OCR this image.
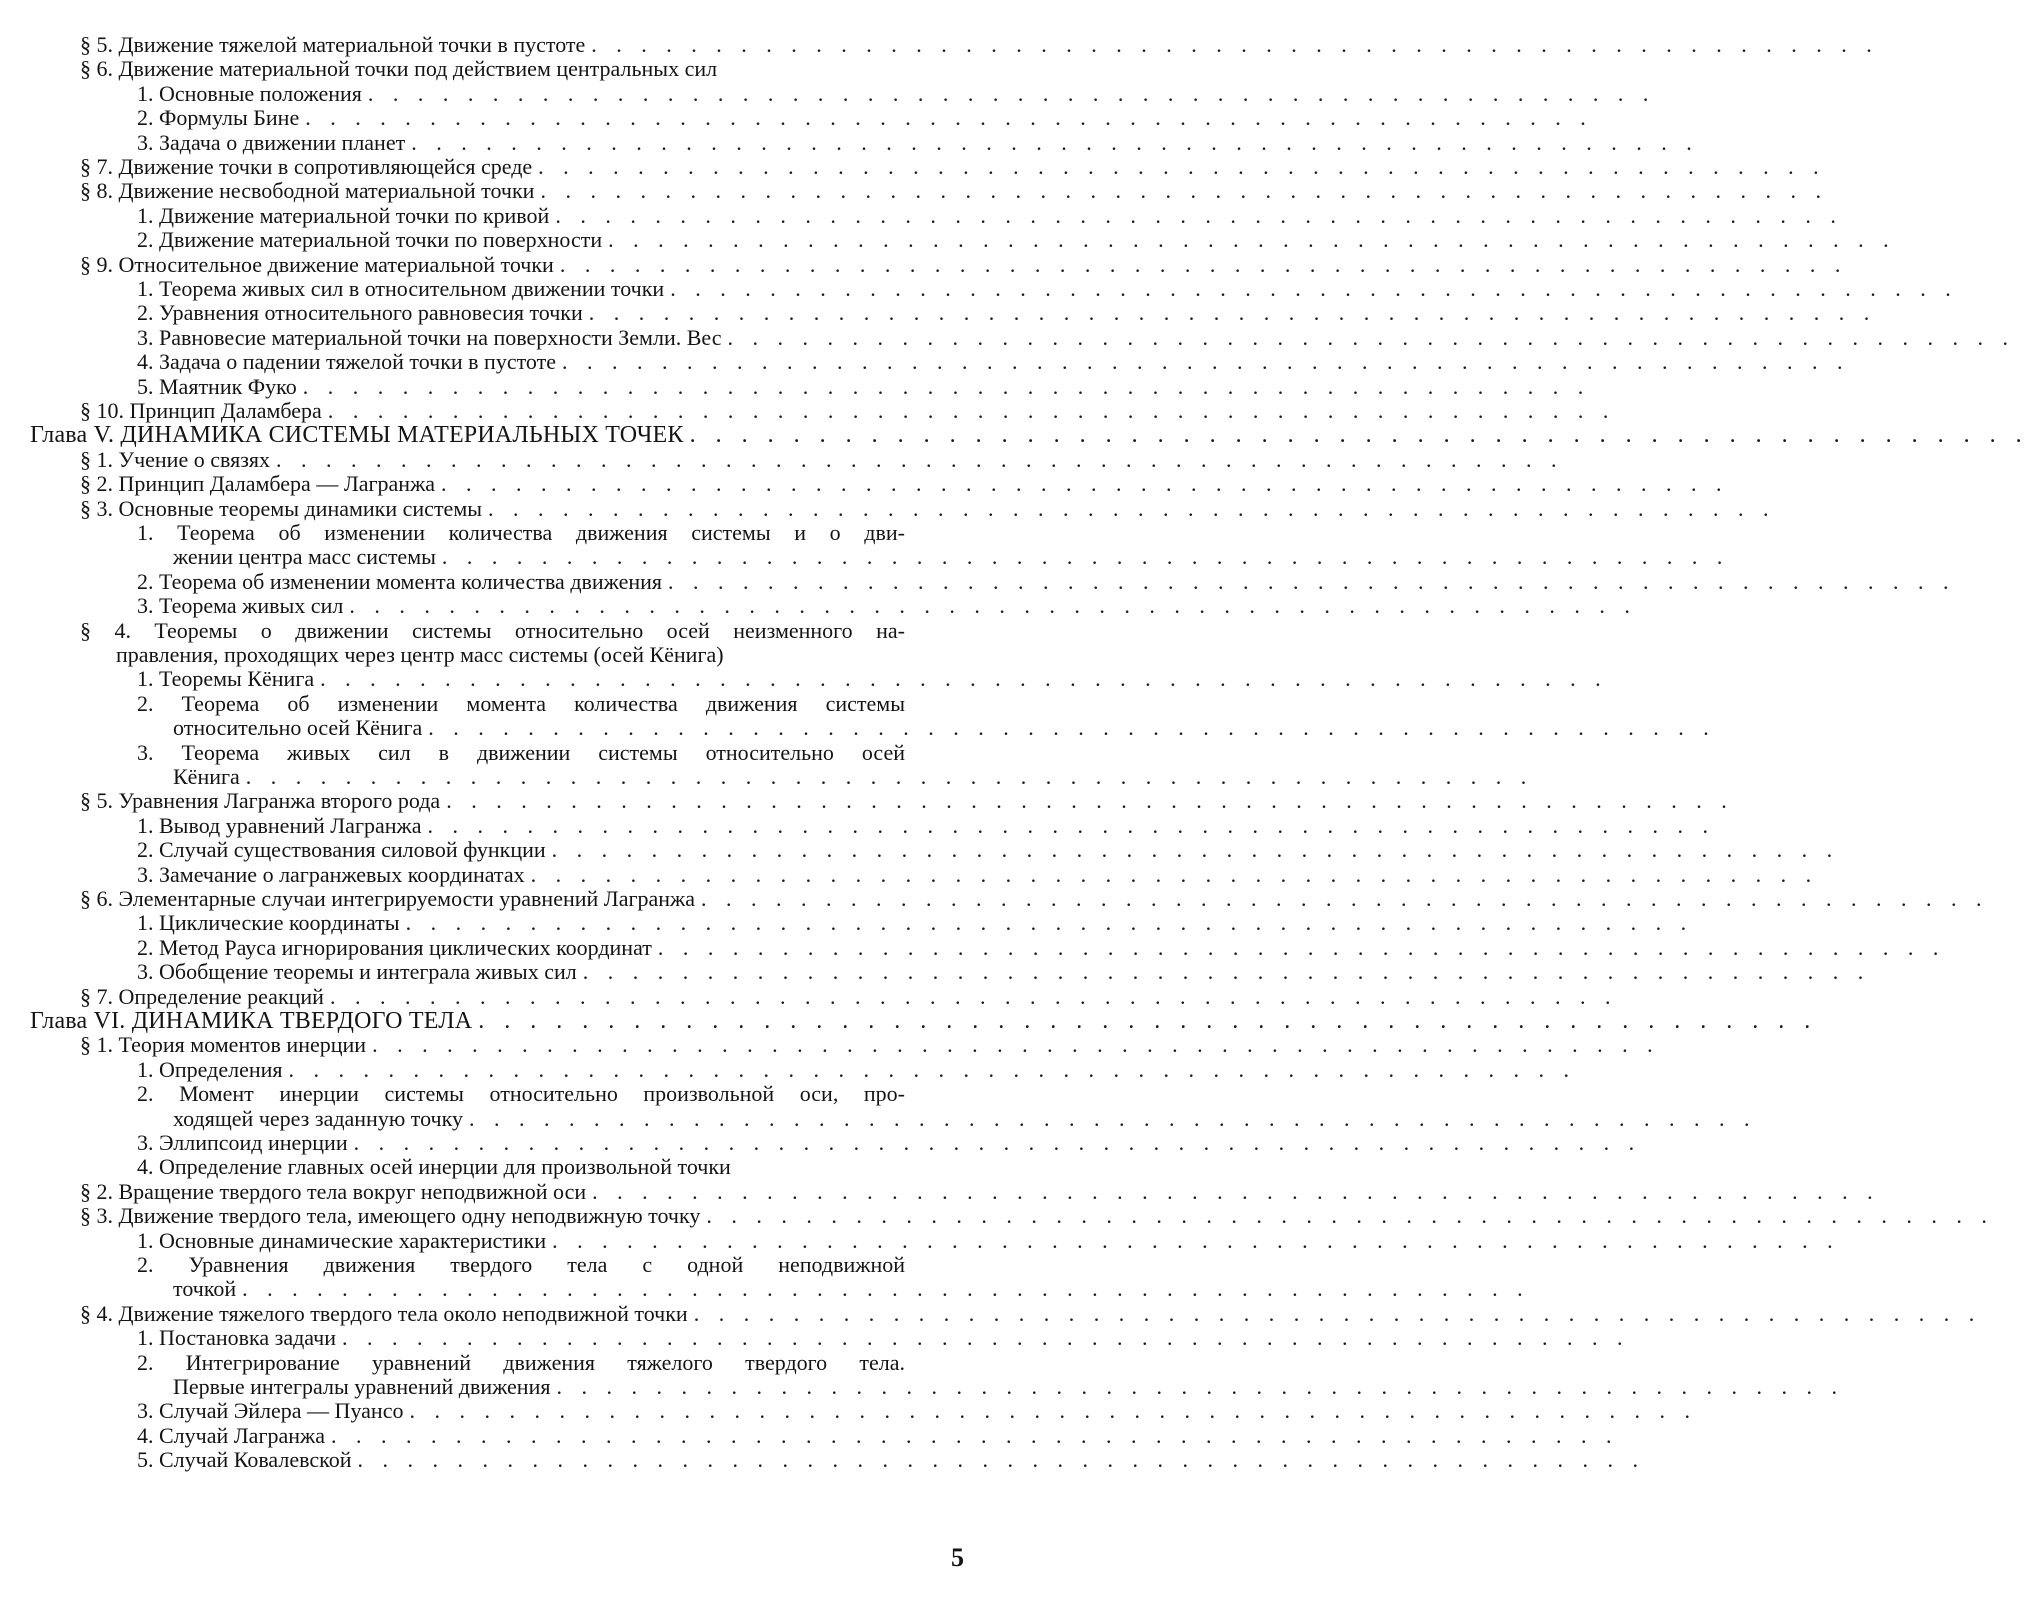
§ 5. Движение тяжелой материальной точки в пустоте . . . . . . . . . . . . . . . . . . . . . . . . . . . . . . . . . . . . . . . . . . . . . . . . . . . .
§ 6. Движение материальной точки под действием центральных сил
1. Основные положения . . . . . . . . . . . . . . . . . . . . . . . . . . . . . . . . . . . . . . . . . . . . . . . . . . . .
2. Формулы Бине . . . . . . . . . . . . . . . . . . . . . . . . . . . . . . . . . . . . . . . . . . . . . . . . . . . .
3. Задача о движении планет . . . . . . . . . . . . . . . . . . . . . . . . . . . . . . . . . . . . . . . . . . . . . . . . . . . .
§ 7. Движение точки в сопротивляющейся среде . . . . . . . . . . . . . . . . . . . . . . . . . . . . . . . . . . . . . . . . . . . . . . . . . . . .
§ 8. Движение несвободной материальной точки . . . . . . . . . . . . . . . . . . . . . . . . . . . . . . . . . . . . . . . . . . . . . . . . . . . .
1. Движение материальной точки по кривой . . . . . . . . . . . . . . . . . . . . . . . . . . . . . . . . . . . . . . . . . . . . . . . . . . . .
2. Движение материальной точки по поверхности . . . . . . . . . . . . . . . . . . . . . . . . . . . . . . . . . . . . . . . . . . . . . . . . . . . .
§ 9. Относительное движение материальной точки . . . . . . . . . . . . . . . . . . . . . . . . . . . . . . . . . . . . . . . . . . . . . . . . . . . .
1. Теорема живых сил в относительном движении точки . . . . . . . . . . . . . . . . . . . . . . . . . . . . . . . . . . . . . . . . . . . . . . . . . . . .
2. Уравнения относительного равновесия точки . . . . . . . . . . . . . . . . . . . . . . . . . . . . . . . . . . . . . . . . . . . . . . . . . . . .
3. Равновесие материальной точки на поверхности Земли. Вес . . . . . . . . . . . . . . . . . . . . . . . . . . . . . . . . . . . . . . . . . . . . . . . . . . . .
4. Задача о падении тяжелой точки в пустоте . . . . . . . . . . . . . . . . . . . . . . . . . . . . . . . . . . . . . . . . . . . . . . . . . . . .
5. Маятник Фуко . . . . . . . . . . . . . . . . . . . . . . . . . . . . . . . . . . . . . . . . . . . . . . . . . . . .
§ 10. Принцип Даламбера . . . . . . . . . . . . . . . . . . . . . . . . . . . . . . . . . . . . . . . . . . . . . . . . . . . .
Глава V. ДИНАМИКА СИСТЕМЫ МАТЕРИАЛЬНЫХ ТОЧЕК . . . . . . . . . . . . . . . . . . . . . . . . . . . . . . . . . . . . . . . . . . . . . . . . . . . .
§ 1. Учение о связях . . . . . . . . . . . . . . . . . . . . . . . . . . . . . . . . . . . . . . . . . . . . . . . . . . . .
§ 2. Принцип Даламбера — Лагранжа . . . . . . . . . . . . . . . . . . . . . . . . . . . . . . . . . . . . . . . . . . . . . . . . . . . .
§ 3. Основные теоремы динамики системы . . . . . . . . . . . . . . . . . . . . . . . . . . . . . . . . . . . . . . . . . . . . . . . . . . . .
1. Теорема об изменении количества движения системы и о дви-
жении центра масс системы . . . . . . . . . . . . . . . . . . . . . . . . . . . . . . . . . . . . . . . . . . . . . . . . . . . .
2. Теорема об изменении момента количества движения . . . . . . . . . . . . . . . . . . . . . . . . . . . . . . . . . . . . . . . . . . . . . . . . . . . .
3. Теорема живых сил . . . . . . . . . . . . . . . . . . . . . . . . . . . . . . . . . . . . . . . . . . . . . . . . . . . .
§ 4. Теоремы о движении системы относительно осей неизменного на-
правления, проходящих через центр масс системы (осей Кёнига)
1. Теоремы Кёнига . . . . . . . . . . . . . . . . . . . . . . . . . . . . . . . . . . . . . . . . . . . . . . . . . . . .
2. Теорема об изменении момента количества движения системы
относительно осей Кёнига . . . . . . . . . . . . . . . . . . . . . . . . . . . . . . . . . . . . . . . . . . . . . . . . . . . .
3. Теорема живых сил в движении системы относительно осей
Кёнига . . . . . . . . . . . . . . . . . . . . . . . . . . . . . . . . . . . . . . . . . . . . . . . . . . . .
§ 5. Уравнения Лагранжа второго рода . . . . . . . . . . . . . . . . . . . . . . . . . . . . . . . . . . . . . . . . . . . . . . . . . . . .
1. Вывод уравнений Лагранжа . . . . . . . . . . . . . . . . . . . . . . . . . . . . . . . . . . . . . . . . . . . . . . . . . . . .
2. Случай существования силовой функции . . . . . . . . . . . . . . . . . . . . . . . . . . . . . . . . . . . . . . . . . . . . . . . . . . . .
3. Замечание о лагранжевых координатах . . . . . . . . . . . . . . . . . . . . . . . . . . . . . . . . . . . . . . . . . . . . . . . . . . . .
§ 6. Элементарные случаи интегрируемости уравнений Лагранжа . . . . . . . . . . . . . . . . . . . . . . . . . . . . . . . . . . . . . . . . . . . . . . . . . . . .
1. Циклические координаты . . . . . . . . . . . . . . . . . . . . . . . . . . . . . . . . . . . . . . . . . . . . . . . . . . . .
2. Метод Рауса игнорирования циклических координат . . . . . . . . . . . . . . . . . . . . . . . . . . . . . . . . . . . . . . . . . . . . . . . . . . . .
3. Обобщение теоремы и интеграла живых сил . . . . . . . . . . . . . . . . . . . . . . . . . . . . . . . . . . . . . . . . . . . . . . . . . . . .
§ 7. Определение реакций . . . . . . . . . . . . . . . . . . . . . . . . . . . . . . . . . . . . . . . . . . . . . . . . . . . .
Глава VI. ДИНАМИКА ТВЕРДОГО ТЕЛА . . . . . . . . . . . . . . . . . . . . . . . . . . . . . . . . . . . . . . . . . . . . . . . . . . . .
§ 1. Теория моментов инерции . . . . . . . . . . . . . . . . . . . . . . . . . . . . . . . . . . . . . . . . . . . . . . . . . . . .
1. Определения . . . . . . . . . . . . . . . . . . . . . . . . . . . . . . . . . . . . . . . . . . . . . . . . . . . .
2. Момент инерции системы относительно произвольной оси, про-
ходящей через заданную точку . . . . . . . . . . . . . . . . . . . . . . . . . . . . . . . . . . . . . . . . . . . . . . . . . . . .
3. Эллипсоид инерции . . . . . . . . . . . . . . . . . . . . . . . . . . . . . . . . . . . . . . . . . . . . . . . . . . . .
4. Определение главных осей инерции для произвольной точки
§ 2. Вращение твердого тела вокруг неподвижной оси . . . . . . . . . . . . . . . . . . . . . . . . . . . . . . . . . . . . . . . . . . . . . . . . . . . .
§ 3. Движение твердого тела, имеющего одну неподвижную точку . . . . . . . . . . . . . . . . . . . . . . . . . . . . . . . . . . . . . . . . . . . . . . . . . . . .
1. Основные динамические характеристики . . . . . . . . . . . . . . . . . . . . . . . . . . . . . . . . . . . . . . . . . . . . . . . . . . . .
2. Уравнения движения твердого тела с одной неподвижной
точкой . . . . . . . . . . . . . . . . . . . . . . . . . . . . . . . . . . . . . . . . . . . . . . . . . . . .
§ 4. Движение тяжелого твердого тела около неподвижной точки . . . . . . . . . . . . . . . . . . . . . . . . . . . . . . . . . . . . . . . . . . . . . . . . . . . .
1. Постановка задачи . . . . . . . . . . . . . . . . . . . . . . . . . . . . . . . . . . . . . . . . . . . . . . . . . . . .
2. Интегрирование уравнений движения тяжелого твердого тела.
Первые интегралы уравнений движения . . . . . . . . . . . . . . . . . . . . . . . . . . . . . . . . . . . . . . . . . . . . . . . . . . . .
3. Случай Эйлера — Пуансо . . . . . . . . . . . . . . . . . . . . . . . . . . . . . . . . . . . . . . . . . . . . . . . . . . . .
4. Случай Лагранжа . . . . . . . . . . . . . . . . . . . . . . . . . . . . . . . . . . . . . . . . . . . . . . . . . . . .
5. Случай Ковалевской . . . . . . . . . . . . . . . . . . . . . . . . . . . . . . . . . . . . . . . . . . . . . . . . . . . .
5
